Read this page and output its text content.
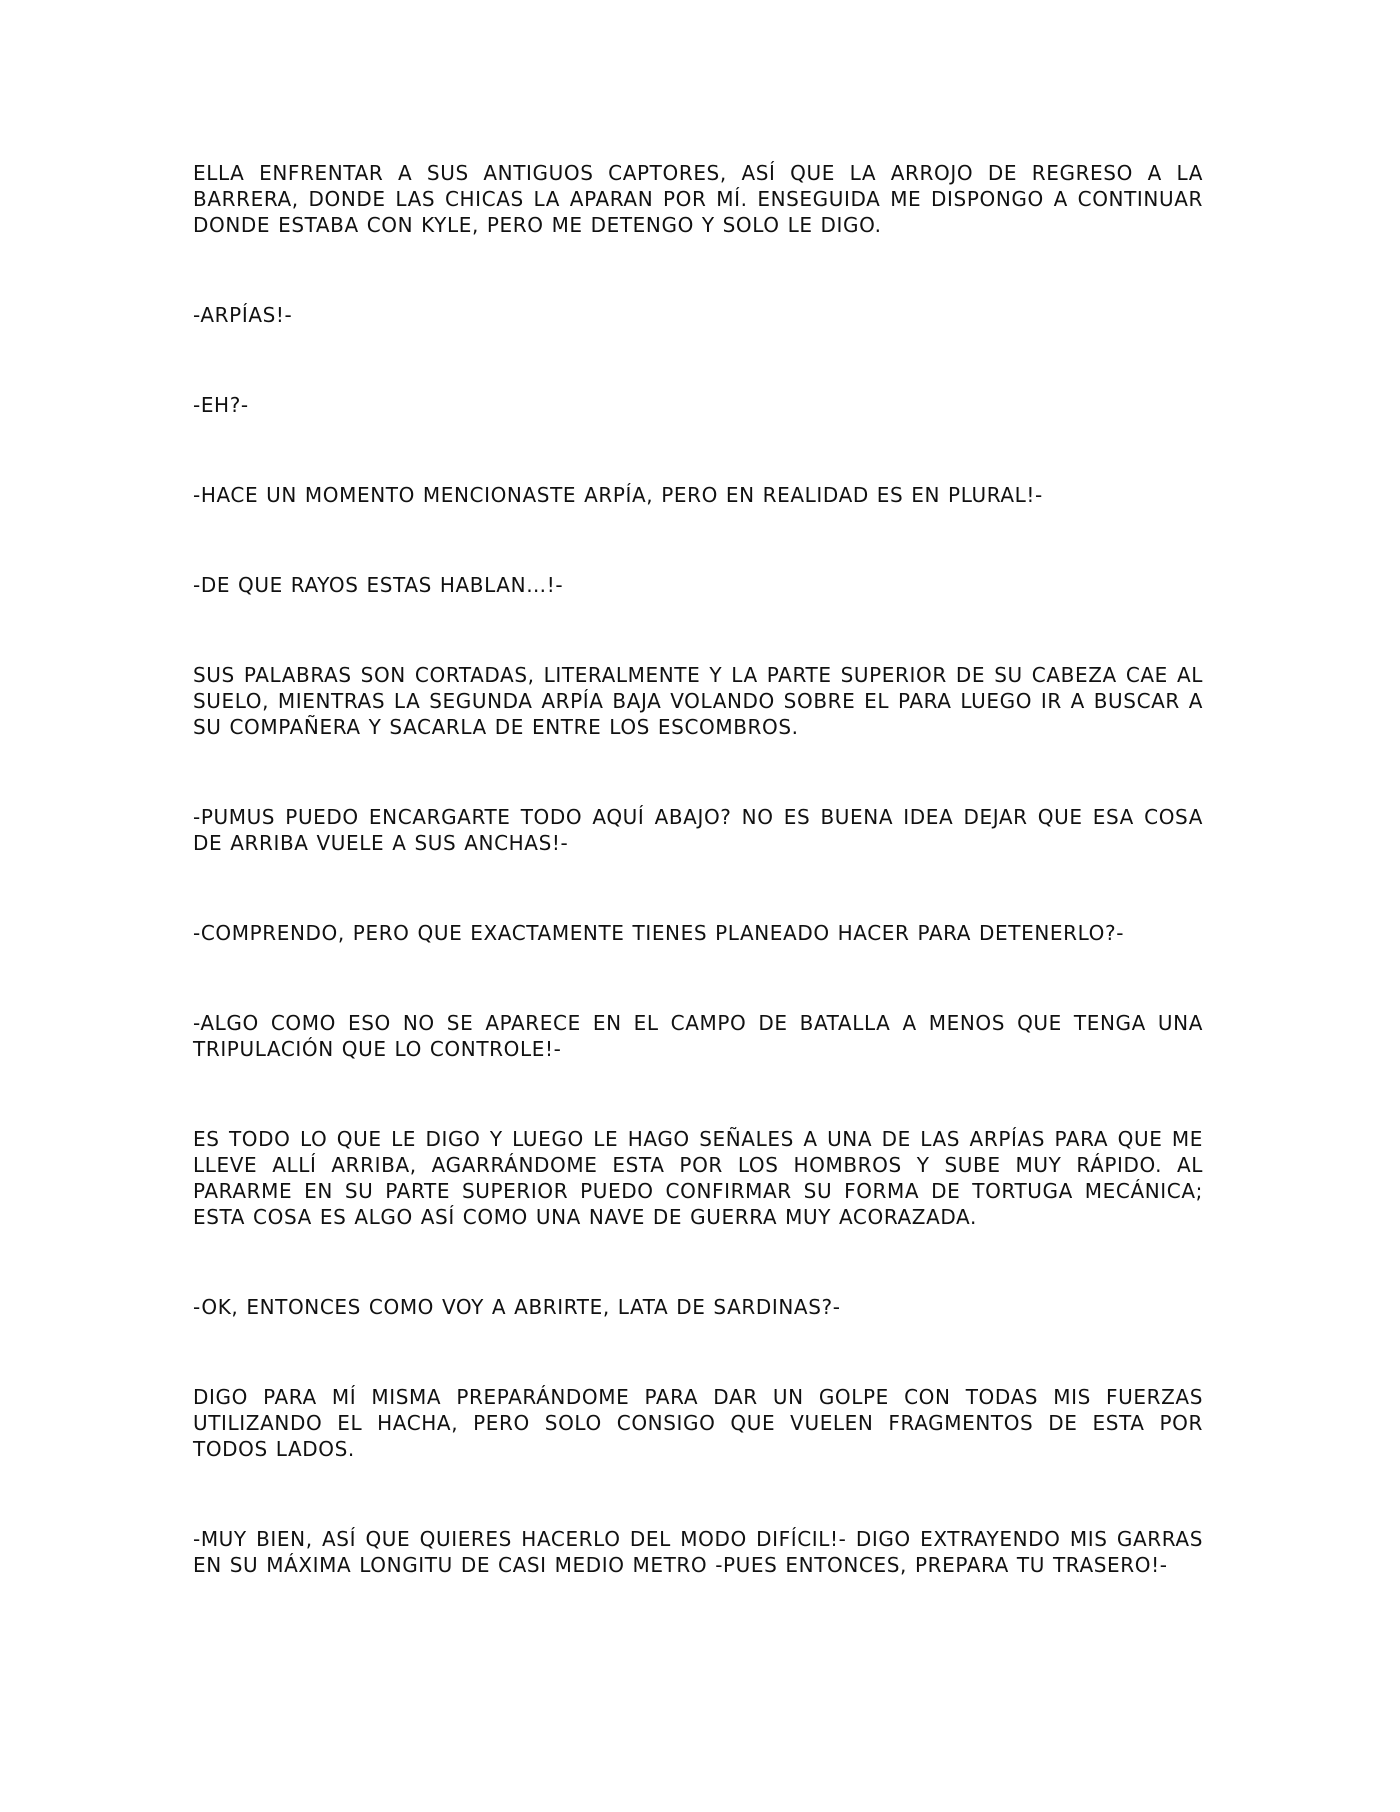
ELLA ENFRENTAR A SUS ANTIGUOS CAPTORES, ASÍ QUE LA ARROJO DE REGRESO A LA BARRERA, DONDE LAS CHICAS LA APARAN POR MÍ. ENSEGUIDA ME DISPONGO A CONTINUAR DONDE ESTABA CON KYLE, PERO ME DETENGO Y SOLO LE DIGO.

-ARPÍAS!-

-EH?-

-HACE UN MOMENTO MENCIONASTE ARPÍA, PERO EN REALIDAD ES EN PLURAL!-

-DE QUE RAYOS ESTAS HABLAN…!-

SUS PALABRAS SON CORTADAS, LITERALMENTE Y LA PARTE SUPERIOR DE SU CABEZA CAE AL SUELO, MIENTRAS LA SEGUNDA ARPÍA BAJA VOLANDO SOBRE EL PARA LUEGO IR A BUSCAR A SU COMPAÑERA Y SACARLA DE ENTRE LOS ESCOMBROS.

-PUMUS PUEDO ENCARGARTE TODO AQUÍ ABAJO? NO ES BUENA IDEA DEJAR QUE ESA COSA DE ARRIBA VUELE A SUS ANCHAS!-

-COMPRENDO, PERO QUE EXACTAMENTE TIENES PLANEADO HACER PARA DETENERLO?-

-ALGO COMO ESO NO SE APARECE EN EL CAMPO DE BATALLA A MENOS QUE TENGA UNA TRIPULACIÓN QUE LO CONTROLE!-

ES TODO LO QUE LE DIGO Y LUEGO LE HAGO SEÑALES A UNA DE LAS ARPÍAS PARA QUE ME LLEVE ALLÍ ARRIBA, AGARRÁNDOME ESTA POR LOS HOMBROS Y SUBE MUY RÁPIDO. AL PARARME EN SU PARTE SUPERIOR PUEDO CONFIRMAR SU FORMA DE TORTUGA MECÁNICA; ESTA COSA ES ALGO ASÍ COMO UNA NAVE DE GUERRA MUY ACORAZADA.

-OK, ENTONCES COMO VOY A ABRIRTE, LATA DE SARDINAS?-

DIGO PARA MÍ MISMA PREPARÁNDOME PARA DAR UN GOLPE CON TODAS MIS FUERZAS UTILIZANDO EL HACHA, PERO SOLO CONSIGO QUE VUELEN FRAGMENTOS DE ESTA POR TODOS LADOS.

-MUY BIEN, ASÍ QUE QUIERES HACERLO DEL MODO DIFÍCIL!- DIGO EXTRAYENDO MIS GARRAS EN SU MÁXIMA LONGITU DE CASI MEDIO METRO -PUES ENTONCES, PREPARA TU TRASERO!-
